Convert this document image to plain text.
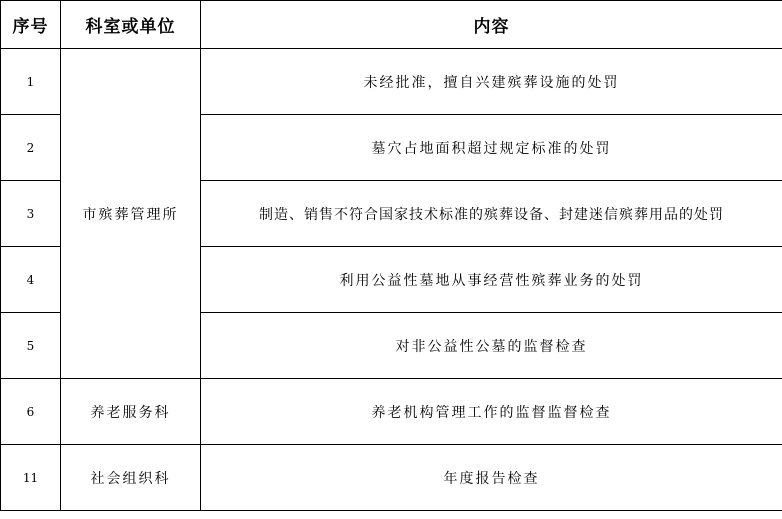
序号	科室或单位	内容
1	市殡葬管理所	未经批准，擅自兴建殡葬设施的处罚
2		墓穴占地面积超过规定标准的处罚
3		制造、销售不符合国家技术标准的殡葬设备、封建迷信殡葬用品的处罚
4		利用公益性墓地从事经营性殡葬业务的处罚
5		对非公益性公墓的监督检查
6	养老服务科	养老机构管理工作的监督监督检查
11	社会组织科	年度报告检查
